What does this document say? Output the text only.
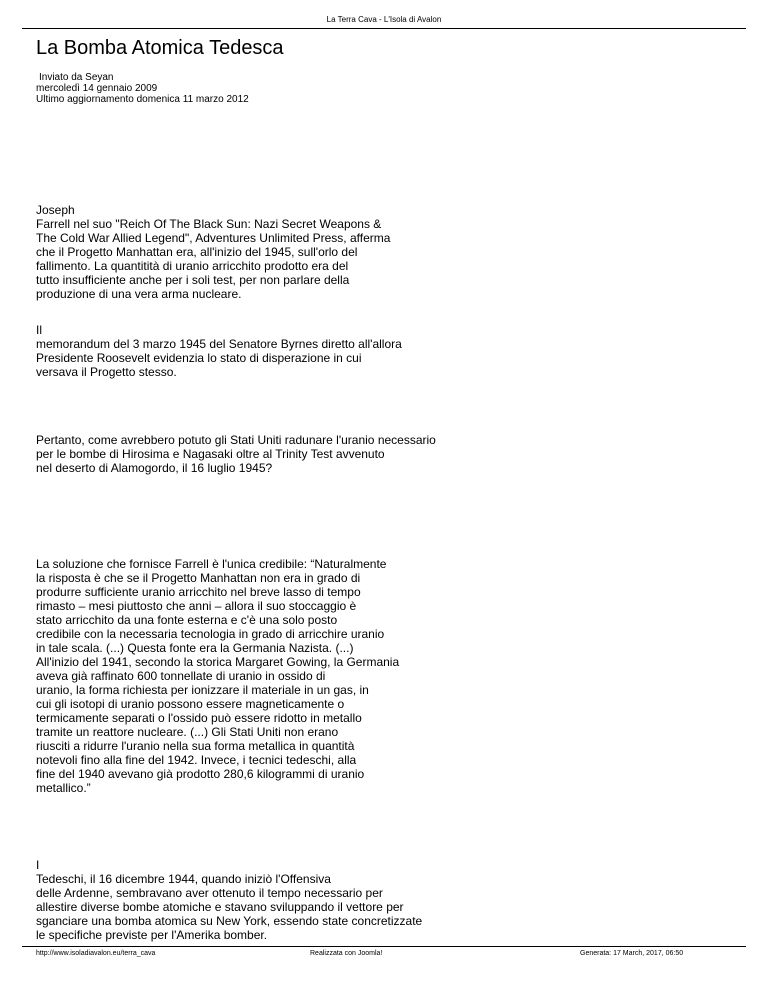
La Terra Cava - L'Isola di Avalon
La Bomba Atomica Tedesca
Inviato da Seyan
mercoledì 14 gennaio 2009
Ultimo aggiornamento domenica 11 marzo 2012

Joseph
Farrell nel suo "Reich Of The Black Sun: Nazi Secret Weapons &
The Cold War Allied Legend", Adventures Unlimited Press, afferma
che il Progetto Manhattan era, all'inizio del 1945, sull'orlo del
fallimento. La quantitità di uranio arricchito prodotto era del
tutto insufficiente anche per i soli test, per non parlare della
produzione di una vera arma nucleare.

Il
memorandum del 3 marzo 1945 del Senatore Byrnes diretto all'allora
Presidente Roosevelt evidenzia lo stato di disperazione in cui
versava il Progetto stesso.

Pertanto, come avrebbero potuto gli Stati Uniti radunare l'uranio necessario
per le bombe di Hirosima e Nagasaki oltre al Trinity Test avvenuto
nel deserto di Alamogordo, il 16 luglio 1945?

La soluzione che fornisce Farrell è l'unica credibile: “Naturalmente
la risposta è che se il Progetto Manhattan non era in grado di
produrre sufficiente uranio arricchito nel breve lasso di tempo
rimasto – mesi piuttosto che anni – allora il suo stoccaggio è
stato arricchito da una fonte esterna e c'è una solo posto
credibile con la necessaria tecnologia in grado di arricchire uranio
in tale scala. (...) Questa fonte era la Germania Nazista. (...)
All'inizio del 1941, secondo la storica Margaret Gowing, la Germania
aveva già raffinato 600 tonnellate di uranio in ossido di
uranio, la forma richiesta per ionizzare il materiale in un gas, in
cui gli isotopi di uranio possono essere magneticamente o
termicamente separati o l'ossido può essere ridotto in metallo
tramite un reattore nucleare. (...) Gli Stati Uniti non erano
riusciti a ridurre l'uranio nella sua forma metallica in quantità
notevoli fino alla fine del 1942. Invece, i tecnici tedeschi, alla
fine del 1940 avevano già prodotto 280,6 kilogrammi di uranio
metallico.”

I
Tedeschi, il 16 dicembre 1944, quando iniziò l'Offensiva
delle Ardenne, sembravano aver ottenuto il tempo necessario per
allestire diverse bombe atomiche e stavano sviluppando il vettore per
sganciare una bomba atomica su New York, essendo state concretizzate
le specifiche previste per l'Amerika bomber.

http://www.isoladiavalon.eu/terra_cava	Realizzata con Joomla!	Generata: 17 March, 2017, 06:50
